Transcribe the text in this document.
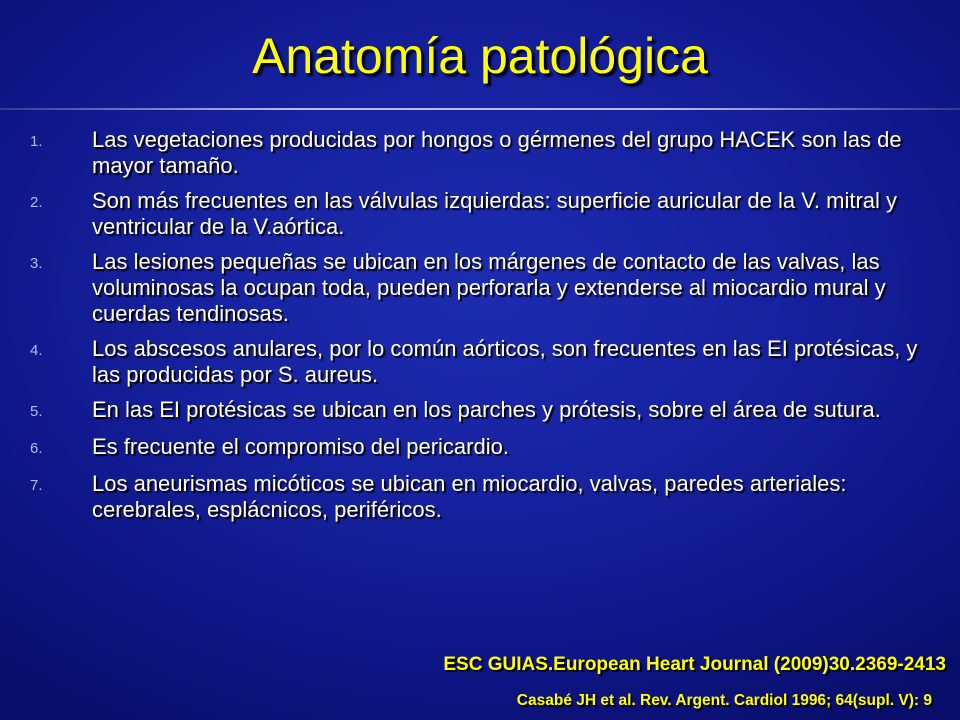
Anatomía patológica
1.	Las vegetaciones producidas por hongos o gérmenes del grupo HACEK son las de mayor tamaño.
2.	Son más frecuentes en las válvulas izquierdas: superficie auricular de la V. mitral y ventricular de la V.aórtica.
3.	Las lesiones pequeñas se ubican en los márgenes de contacto de las valvas, las voluminosas la ocupan toda, pueden perforarla y extenderse al miocardio mural y cuerdas tendinosas.
4.	Los abscesos anulares, por lo común aórticos, son frecuentes en las EI protésicas, y las producidas por S. aureus.
5.	En las EI protésicas se ubican en los parches y prótesis, sobre el área de sutura.
6.	Es frecuente el compromiso del pericardio.
7.	Los aneurismas micóticos se ubican en miocardio, valvas, paredes arteriales: cerebrales, esplácnicos, periféricos.
ESC GUIAS.European Heart Journal (2009)30.2369-2413
Casabé JH et al. Rev. Argent. Cardiol 1996; 64(supl. V): 9
